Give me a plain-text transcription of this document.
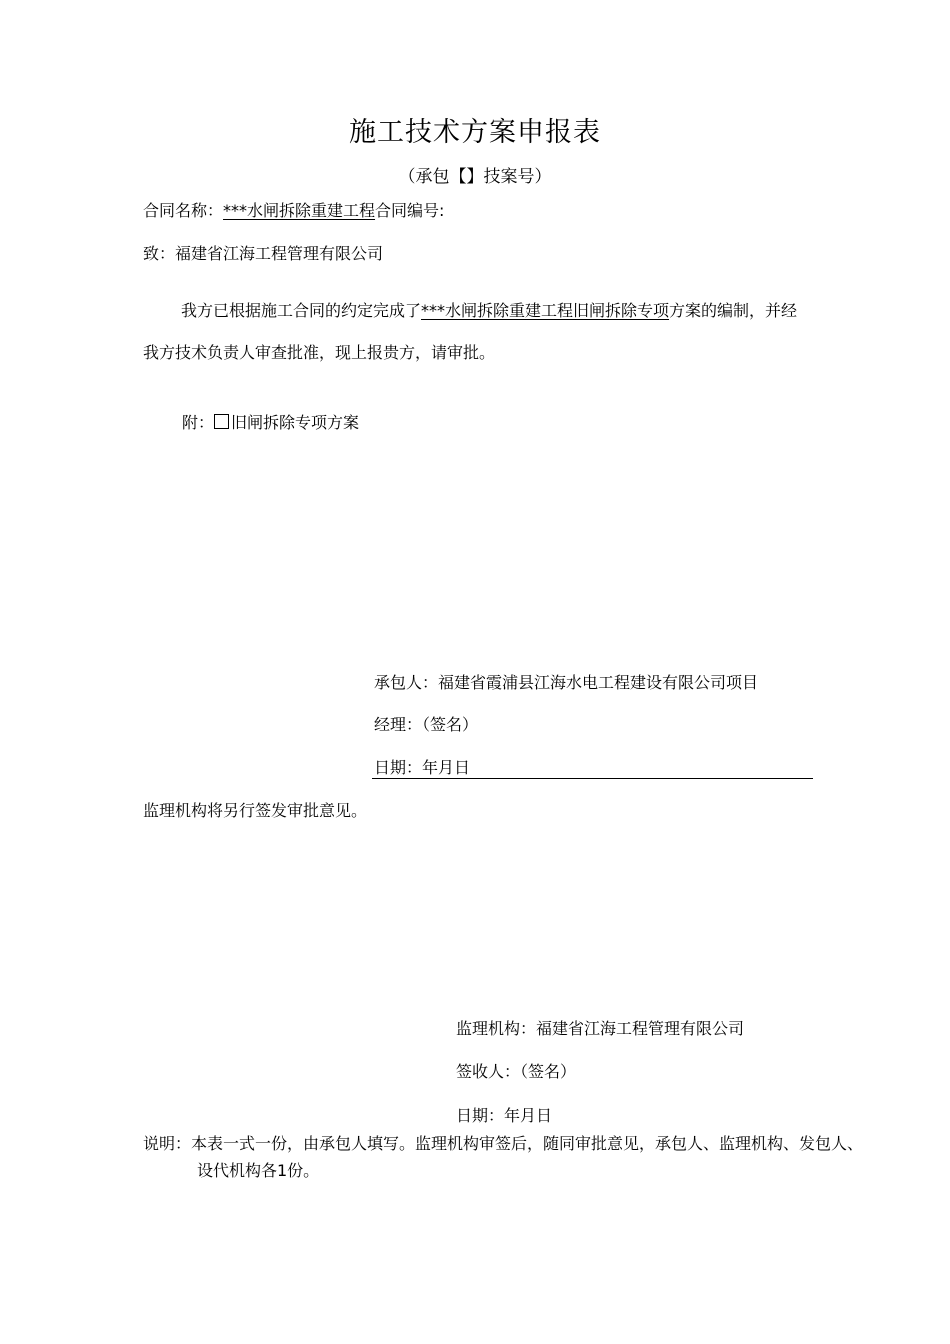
施工技术方案申报表
（承包【】技案号）
合同名称：***水闸拆除重建工程合同编号:
致：福建省江海工程管理有限公司
我方已根据施工合同的约定完成了***水闸拆除重建工程旧闸拆除专项方案的编制，并经我方技术负责人审查批准，现上报贵方，请审批。
附： 旧闸拆除专项方案
承包人：福建省霞浦县江海水电工程建设有限公司项目
经理：（签名）
日期：年月日
监理机构将另行签发审批意见。
监理机构：福建省江海工程管理有限公司
签收人：（签名）
日期：年月日
说明：本表一式一份，由承包人填写。监理机构审签后，随同审批意见，承包人、监理机构、发包人、设代机构各1份。
